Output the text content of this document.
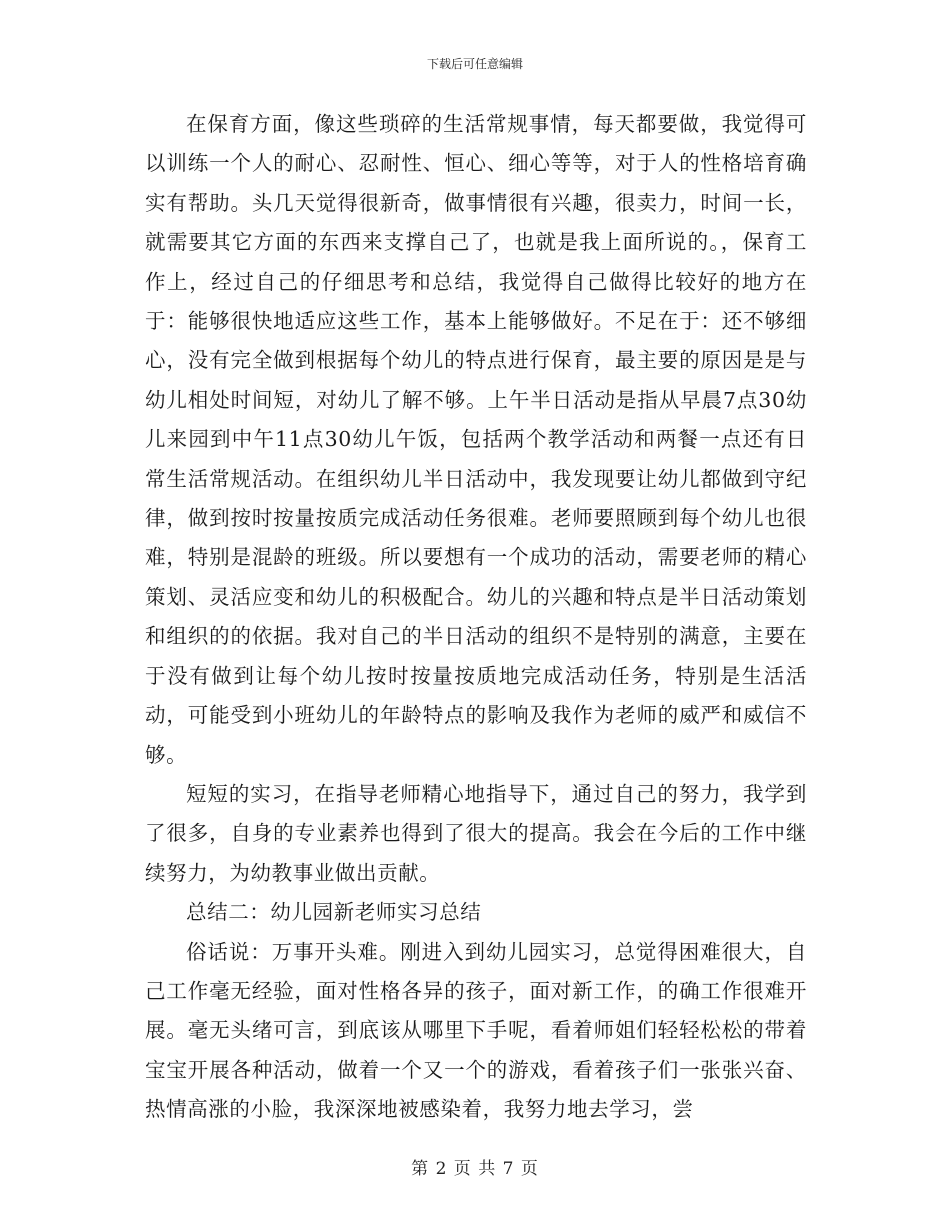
下载后可任意编辑

在保育方面，像这些琐碎的生活常规事情，每天都要做，我觉得可以训练一个人的耐心、忍耐性、恒心、细心等等，对于人的性格培育确实有帮助。头几天觉得很新奇，做事情很有兴趣，很卖力，时间一长，就需要其它方面的东西来支撑自己了，也就是我上面所说的。，保育工作上，经过自己的仔细思考和总结，我觉得自己做得比较好的地方在于：能够很快地适应这些工作，基本上能够做好。不足在于：还不够细心，没有完全做到根据每个幼儿的特点进行保育，最主要的原因是是与幼儿相处时间短，对幼儿了解不够。上午半日活动是指从早晨7点30幼儿来园到中午11点30幼儿午饭，包括两个教学活动和两餐一点还有日常生活常规活动。在组织幼儿半日活动中，我发现要让幼儿都做到守纪律，做到按时按量按质完成活动任务很难。老师要照顾到每个幼儿也很难，特别是混龄的班级。所以要想有一个成功的活动，需要老师的精心策划、灵活应变和幼儿的积极配合。幼儿的兴趣和特点是半日活动策划和组织的的依据。我对自己的半日活动的组织不是特别的满意，主要在于没有做到让每个幼儿按时按量按质地完成活动任务，特别是生活活动，可能受到小班幼儿的年龄特点的影响及我作为老师的威严和威信不够。

短短的实习，在指导老师精心地指导下，通过自己的努力，我学到了很多，自身的专业素养也得到了很大的提高。我会在今后的工作中继续努力，为幼教事业做出贡献。

总结二：幼儿园新老师实习总结

俗话说：万事开头难。刚进入到幼儿园实习，总觉得困难很大，自己工作毫无经验，面对性格各异的孩子，面对新工作，的确工作很难开展。毫无头绪可言，到底该从哪里下手呢，看着师姐们轻轻松松的带着宝宝开展各种活动，做着一个又一个的游戏，看着孩子们一张张兴奋、热情高涨的小脸，我深深地被感染着，我努力地去学习，尝

第 2 页 共 7 页
